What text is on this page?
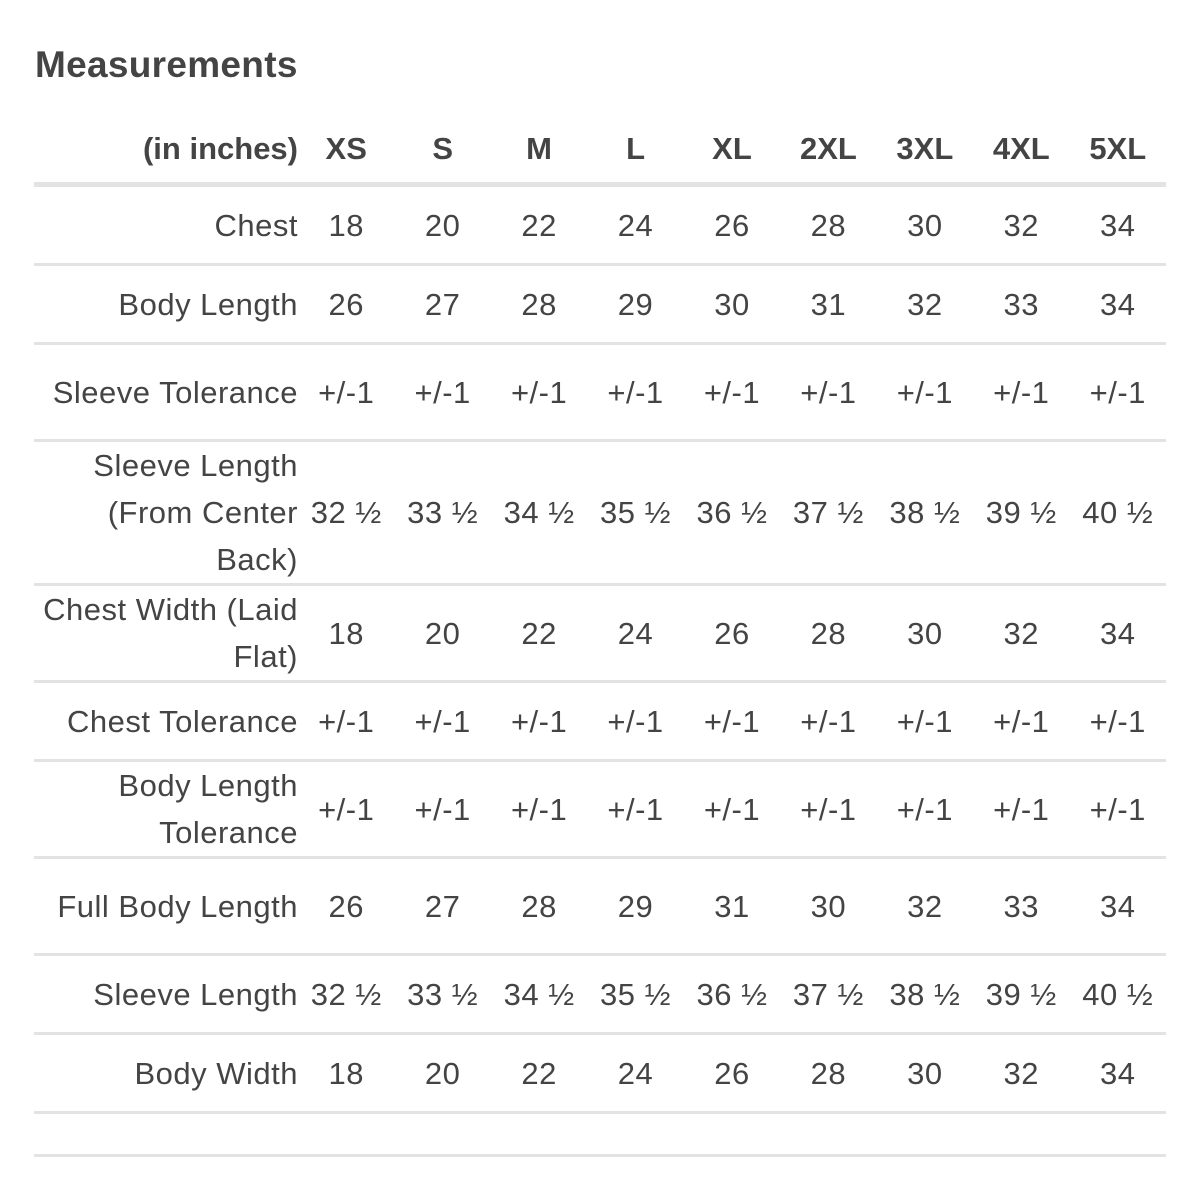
Measurements
(in inches)	XS	S	M	L	XL	2XL	3XL	4XL	5XL
Chest	18	20	22	24	26	28	30	32	34
Body Length	26	27	28	29	30	31	32	33	34
Sleeve Tolerance	+/-1	+/-1	+/-1	+/-1	+/-1	+/-1	+/-1	+/-1	+/-1
Sleeve Length (From Center Back)	32 ½	33 ½	34 ½	35 ½	36 ½	37 ½	38 ½	39 ½	40 ½
Chest Width (Laid Flat)	18	20	22	24	26	28	30	32	34
Chest Tolerance	+/-1	+/-1	+/-1	+/-1	+/-1	+/-1	+/-1	+/-1	+/-1
Body Length Tolerance	+/-1	+/-1	+/-1	+/-1	+/-1	+/-1	+/-1	+/-1	+/-1
Full Body Length	26	27	28	29	31	30	32	33	34
Sleeve Length	32 ½	33 ½	34 ½	35 ½	36 ½	37 ½	38 ½	39 ½	40 ½
Body Width	18	20	22	24	26	28	30	32	34
